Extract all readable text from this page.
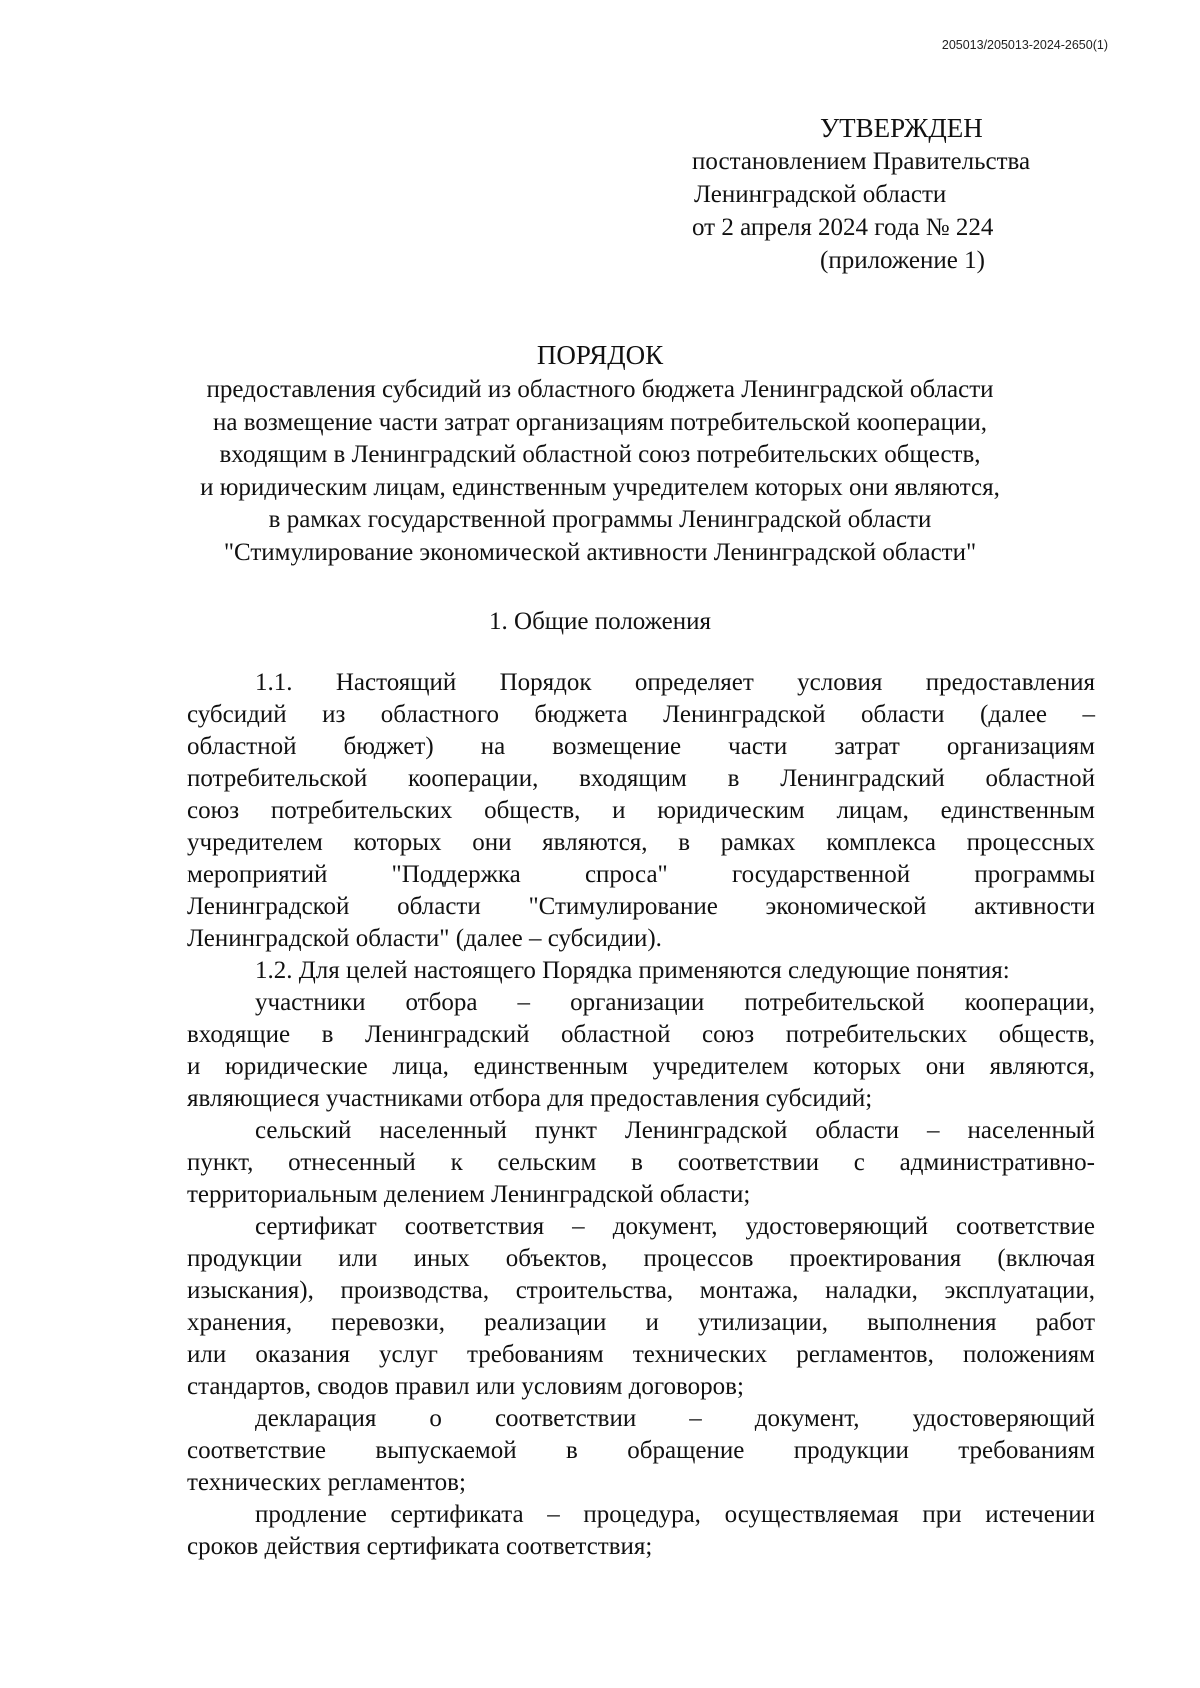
205013/205013-2024-2650(1)
УТВЕРЖДЕН
постановлением Правительства
Ленинградской области
от 2 апреля 2024 года № 224
(приложение 1)
ПОРЯДОК
предоставления субсидий из областного бюджета Ленинградской области
на возмещение части затрат организациям потребительской кооперации,
входящим в Ленинградский областной союз потребительских обществ,
и юридическим лицам, единственным учредителем которых они являются,
в рамках государственной программы Ленинградской области
"Стимулирование экономической активности Ленинградской области"
1. Общие положения
1.1. Настоящий Порядок определяет условия предоставления
субсидий из областного бюджета Ленинградской области (далее –
областной бюджет) на возмещение части затрат организациям
потребительской кооперации, входящим в Ленинградский областной
союз потребительских обществ, и юридическим лицам, единственным
учредителем которых они являются, в рамках комплекса процессных
мероприятий "Поддержка спроса" государственной программы
Ленинградской области "Стимулирование экономической активности
Ленинградской области" (далее – субсидии).
1.2. Для целей настоящего Порядка применяются следующие понятия:
участники отбора – организации потребительской кооперации,
входящие в Ленинградский областной союз потребительских обществ,
и юридические лица, единственным учредителем которых они являются,
являющиеся участниками отбора для предоставления субсидий;
сельский населенный пункт Ленинградской области – населенный
пункт, отнесенный к сельским в соответствии с административно-
территориальным делением Ленинградской области;
сертификат соответствия – документ, удостоверяющий соответствие
продукции или иных объектов, процессов проектирования (включая
изыскания), производства, строительства, монтажа, наладки, эксплуатации,
хранения, перевозки, реализации и утилизации, выполнения работ
или оказания услуг требованиям технических регламентов, положениям
стандартов, сводов правил или условиям договоров;
декларация о соответствии – документ, удостоверяющий
соответствие выпускаемой в обращение продукции требованиям
технических регламентов;
продление сертификата – процедура, осуществляемая при истечении
сроков действия сертификата соответствия;
